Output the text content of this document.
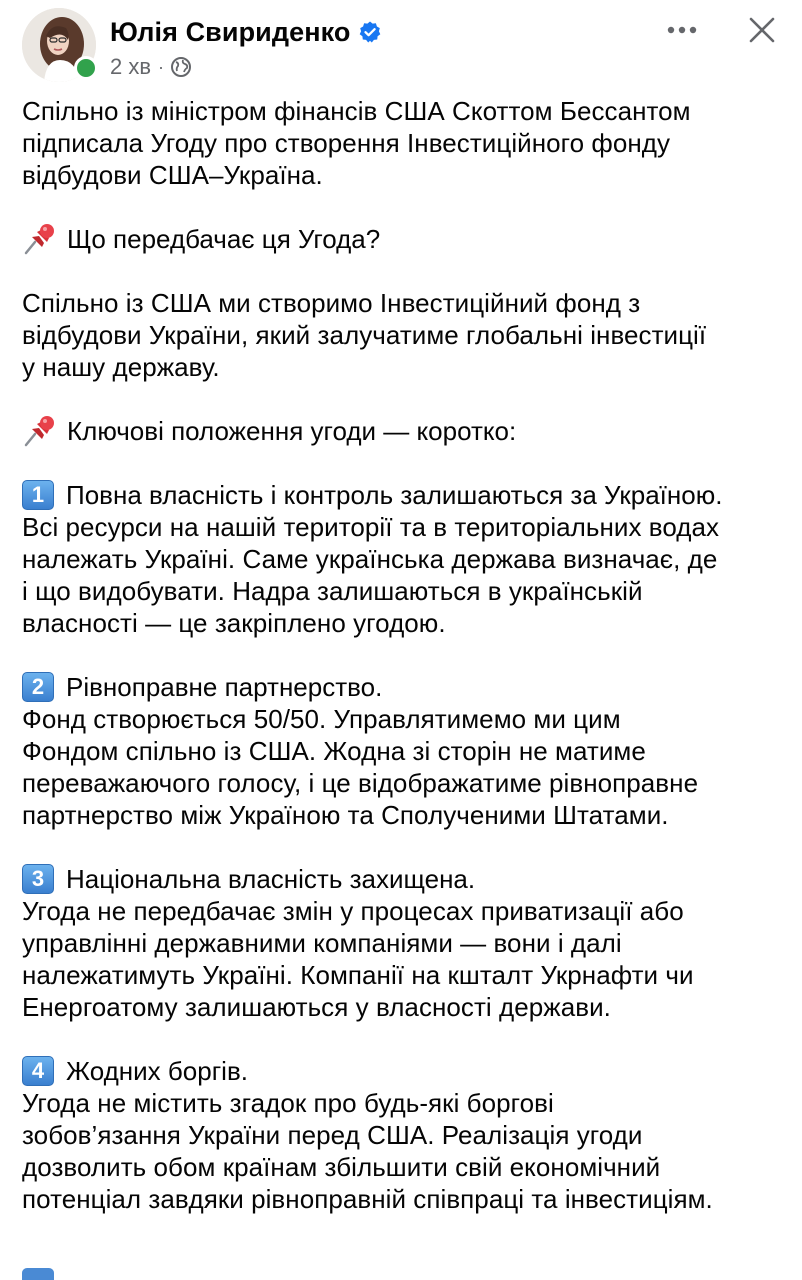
Юлія Свириденко
2 хв ·
Спільно із міністром фінансів США Скоттом Бессантом
підписала Угоду про створення Інвестиційного фонду
відбудови США–Україна.
Що передбачає ця Угода?
Спільно із США ми створимо Інвестиційний фонд з
відбудови України, який залучатиме глобальні інвестиції
у нашу державу.
Ключові положення угоди — коротко:
1 Повна власність і контроль залишаються за Україною.
Всі ресурси на нашій території та в територіальних водах
належать Україні. Саме українська держава визначає, де
і що видобувати. Надра залишаються в українській
власності — це закріплено угодою.
2 Рівноправне партнерство.
Фонд створюється 50/50. Управлятимемо ми цим
Фондом спільно із США. Жодна зі сторін не матиме
переважаючого голосу, і це відображатиме рівноправне
партнерство між Україною та Сполученими Штатами.
3 Національна власність захищена.
Угода не передбачає змін у процесах приватизації або
управлінні державними компаніями — вони і далі
належатимуть Україні. Компанії на кшталт Укрнафти чи
Енергоатому залишаються у власності держави.
4 Жодних боргів.
Угода не містить згадок про будь-які боргові
зобов’язання України перед США. Реалізація угоди
дозволить обом країнам збільшити свій економічний
потенціал завдяки рівноправній співпраці та інвестиціям.
